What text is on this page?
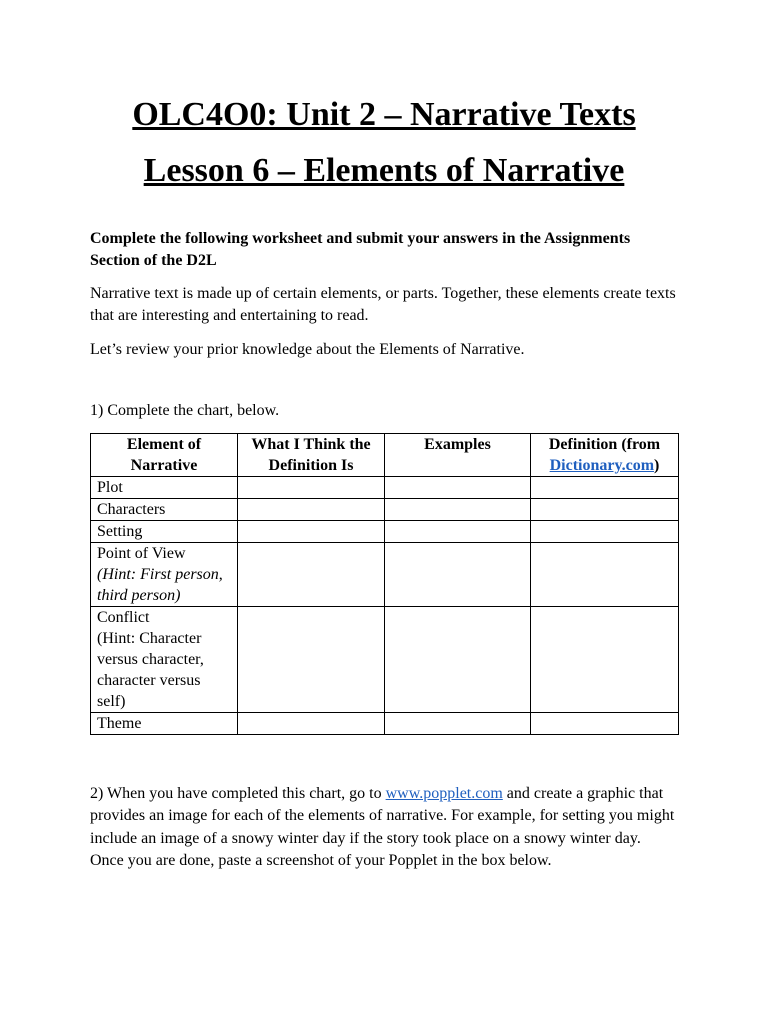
OLC4O0: Unit 2 – Narrative Texts
Lesson 6 – Elements of Narrative

Complete the following worksheet and submit your answers in the Assignments Section of the D2L

Narrative text is made up of certain elements, or parts. Together, these elements create texts that are interesting and entertaining to read.

Let’s review your prior knowledge about the Elements of Narrative.

1) Complete the chart, below.

Element of Narrative	What I Think the Definition Is	Examples	Definition (from Dictionary.com)
Plot			
Characters			
Setting			

Point of View
(Hint: First person, third person)			

Conflict
(Hint: Character versus character, character versus self)			

Theme			

2) When you have completed this chart, go to www.popplet.com and create a graphic that provides an image for each of the elements of narrative. For example, for setting you might include an image of a snowy winter day if the story took place on a snowy winter day. Once you are done, paste a screenshot of your Popplet in the box below.
